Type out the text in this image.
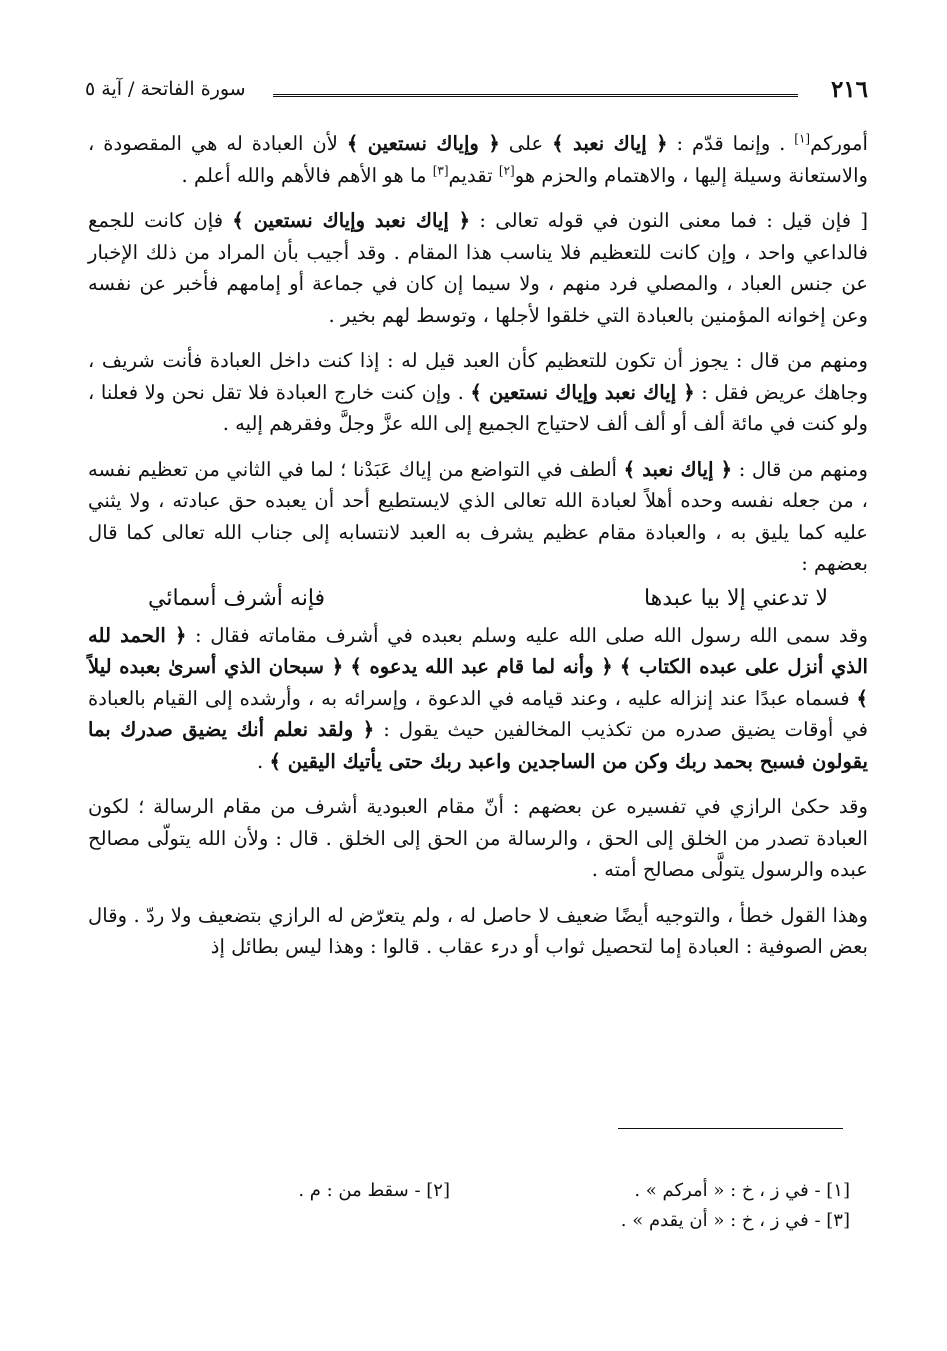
٢١٦
سورة الفاتحة / آية ٥

أموركم[١] . وإنما قدّم : ﴿ إياك نعبد ﴾ على ﴿ وإياك نستعين ﴾ لأن العبادة له هي المقصودة ، والاستعانة وسيلة إليها ، والاهتمام والحزم هو[٢] تقديم[٣] ما هو الأهم فالأهم والله أعلم .

[ فإن قيل : فما معنى النون في قوله تعالى : ﴿ إياك نعبد وإياك نستعين ﴾ فإن كانت للجمع فالداعي واحد ، وإن كانت للتعظيم فلا يناسب هذا المقام . وقد أجيب بأن المراد من ذلك الإخبار عن جنس العباد ، والمصلي فرد منهم ، ولا سيما إن كان في جماعة أو إمامهم فأخبر عن نفسه وعن إخوانه المؤمنين بالعبادة التي خلقوا لأجلها ، وتوسط لهم بخير .

ومنهم من قال : يجوز أن تكون للتعظيم كأن العبد قيل له : إذا كنت داخل العبادة فأنت شريف ، وجاهك عريض فقل : ﴿ إياك نعبد وإياك نستعين ﴾ . وإن كنت خارج العبادة فلا تقل نحن ولا فعلنا ، ولو كنت في مائة ألف أو ألف ألف لاحتياج الجميع إلى الله عزَّ وجلَّ وفقرهم إليه .

ومنهم من قال : ﴿ إياك نعبد ﴾ ألطف في التواضع من إياك عَبَدْنا ؛ لما في الثاني من تعظيم نفسه ، من جعله نفسه وحده أهلاً لعبادة الله تعالى الذي لايستطيع أحد أن يعبده حق عبادته ، ولا يثني عليه كما يليق به ، والعبادة مقام عظيم يشرف به العبد لانتسابه إلى جناب الله تعالى كما قال بعضهم :

لا تدعني إلا بيا عبدها
فإنه أشرف أسمائي

وقد سمى الله رسول الله صلى الله عليه وسلم بعبده في أشرف مقاماته فقال : ﴿ الحمد لله الذي أنزل على عبده الكتاب ﴾ ﴿ وأنه لما قام عبد الله يدعوه ﴾ ﴿ سبحان الذي أسرىٰ بعبده ليلاً ﴾ فسماه عبدًا عند إنزاله عليه ، وعند قيامه في الدعوة ، وإسرائه به ، وأرشده إلى القيام بالعبادة في أوقات يضيق صدره من تكذيب المخالفين حيث يقول : ﴿ ولقد نعلم أنك يضيق صدرك بما يقولون فسبح بحمد ربك وكن من الساجدين واعبد ربك حتى يأتيك اليقين ﴾ .

وقد حكىٰ الرازي في تفسيره عن بعضهم : أنّ مقام العبودية أشرف من مقام الرسالة ؛ لكون العبادة تصدر من الخلق إلى الحق ، والرسالة من الحق إلى الخلق . قال : ولأن الله يتولّى مصالح عبده والرسول يتولَّى مصالح أمته .

وهذا القول خطأ ، والتوجيه أيضًا ضعيف لا حاصل له ، ولم يتعرّض له الرازي بتضعيف ولا ردّ . وقال بعض الصوفية : العبادة إما لتحصيل ثواب أو درء عقاب . قالوا : وهذا ليس بطائل إذ

[١] - في ز ، خ : « أمركم » .
[٢] - سقط من : م .
[٣] - في ز ، خ : « أن يقدم » .
